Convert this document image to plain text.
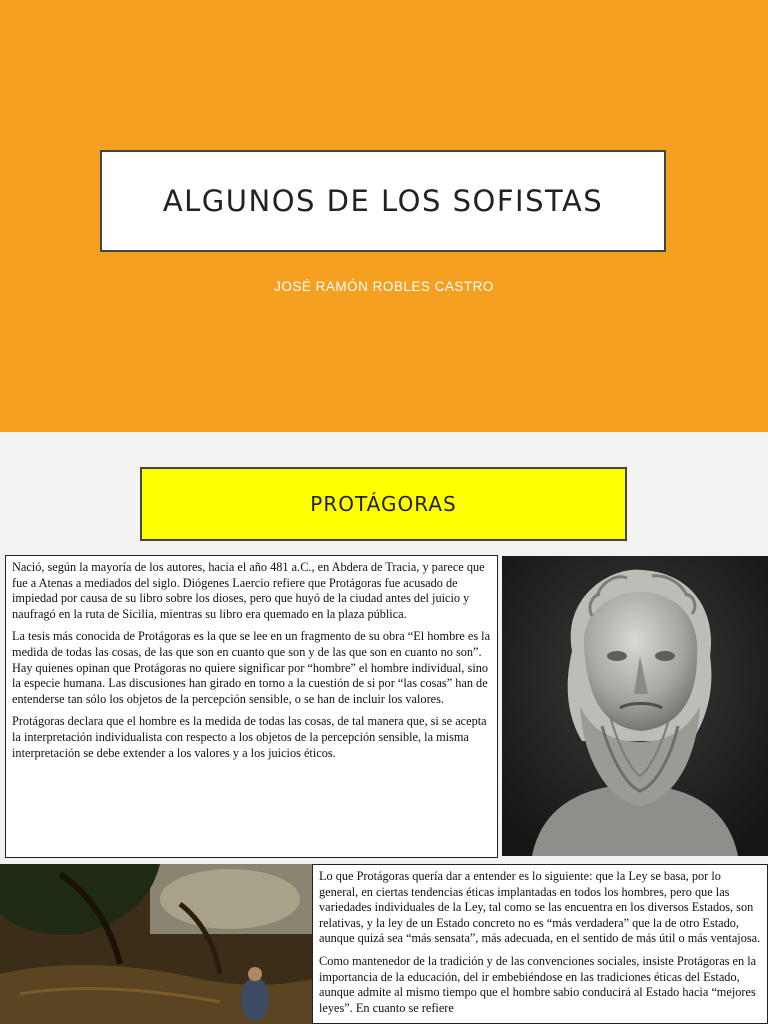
ALGUNOS DE LOS SOFISTAS
JOSÉ RAMÓN ROBLES CASTRO
PROTÁGORAS

Nació, según la mayoría de los autores, hacia el año 481 a.C., en Abdera de Tracia, y parece que fue a Atenas a mediados del siglo. Diógenes Laercio refiere que Protágoras fue acusado de impiedad por causa de su libro sobre los dioses, pero que huyó de la ciudad antes del juicio y naufragó en la ruta de Sicilia, mientras su libro era quemado en la plaza pública.

La tesis más conocida de Protágoras es la que se lee en un fragmento de su obra “El hombre es la medida de todas las cosas, de las que son en cuanto que son y de las que son en cuanto no son”. Hay quienes opinan que Protágoras no quiere significar por “hombre” el hombre individual, sino la especie humana. Las discusiones han girado en torno a la cuestión de si por “las cosas” han de entenderse tan sólo los objetos de la percepción sensible, o se han de incluir los valores.

Protágoras declara que el hombre es la medida de todas las cosas, de tal manera que, si se acepta la interpretación individualista con respecto a los objetos de la percepción sensible, la misma interpretación se debe extender a los valores y a los juicios éticos.

Lo que Protágoras quería dar a entender es lo siguiente: que la Ley se basa, por lo general, en ciertas tendencias éticas implantadas en todos los hombres, pero que las variedades individuales de la Ley, tal como se las encuentra en los diversos Estados, son relativas, y la ley de un Estado concreto no es “más verdadera” que la de otro Estado, aunque quizá sea “más sensata”, más adecuada, en el sentido de más útil o más ventajosa.

Como mantenedor de la tradición y de las convenciones sociales, insiste Protágoras en la importancia de la educación, del ir embebiéndose en las tradiciones éticas del Estado, aunque admite al mismo tiempo que el hombre sabio conducirá al Estado hacia “mejores leyes”. En cuanto se refiere
